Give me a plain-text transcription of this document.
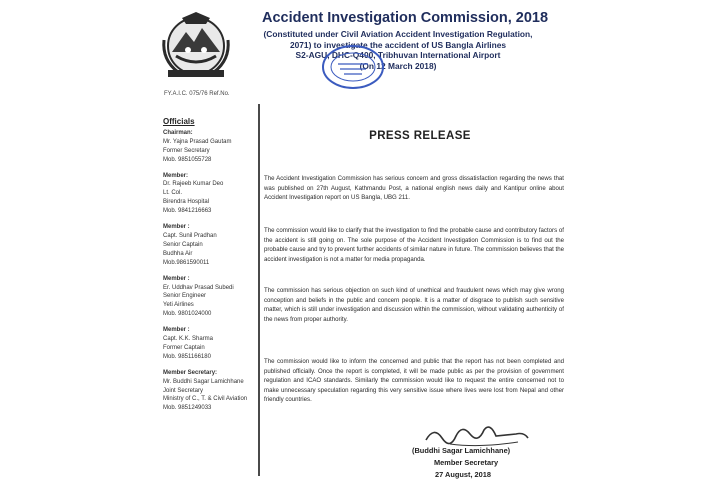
Accident Investigation Commission, 2018
(Constituted under Civil Aviation Accident Investigation Regulation,
2071) to investigate the accident of US Bangla Airlines
S2-AGU, DHC-Q400, Tribhuvan International Airport
(On 12 March 2018)
FY.A.I.C. 075/76 Ref.No.
Officials
Chairman:
Mr. Yajna Prasad Gautam
Former Secretary
Mob. 9851055728
Member:
Dr. Rajeeb Kumar Deo
Lt. Col.
Birendra Hospital
Mob. 9841216663
Member :
Capt. Sunil Pradhan
Senior Captain
Budhha Air
Mob.9861590011
Member :
Er. Uddhav Prasad Subedi
Senior Engineer
Yeti Airlines
Mob. 9801024000
Member :
Capt. K.K. Sharma
Former Captain
Mob. 9851166180
Member Secretary:
Mr. Buddhi Sagar Lamichhane
Joint Secretary
Ministry of C., T. & Civil Aviation
Mob. 9851249033
PRESS RELEASE

The Accident Investigation Commission has serious concern and gross dissatisfaction regarding the news that was published on 27th August, Kathmandu Post, a national english news daily and Kantipur online about Accident Investigation report on US Bangla, UBG 211.

The commission would like to clarify that the investigation to find the probable cause and contributory factors of the accident is still going on. The sole purpose of the Accident Investigation Commission is to find out the probable cause and try to prevent further accidents of similar nature in future. The commission believes that the accident investigation is not a matter for media propaganda.

The commission has serious objection on such kind of unethical and fraudulent news which may give wrong conception and beliefs in the public and concern people. It is a matter of disgrace to publish such sensitive matter, which is still under investigation and discussion within the commission, without validating authenticity of the news from proper authority.

The commission would like to inform the concerned and public that the report has not been completed and published officially. Once the report is completed, it will be made public as per the provision of government regulation and ICAO standards. Similarly the commission would like to request the entire concerned not to make unnecessary speculation regarding this very sensitive issue where lives were lost from Nepal and other friendly countries.

(Buddhi Sagar Lamichhane)
Member Secretary
27 August, 2018
